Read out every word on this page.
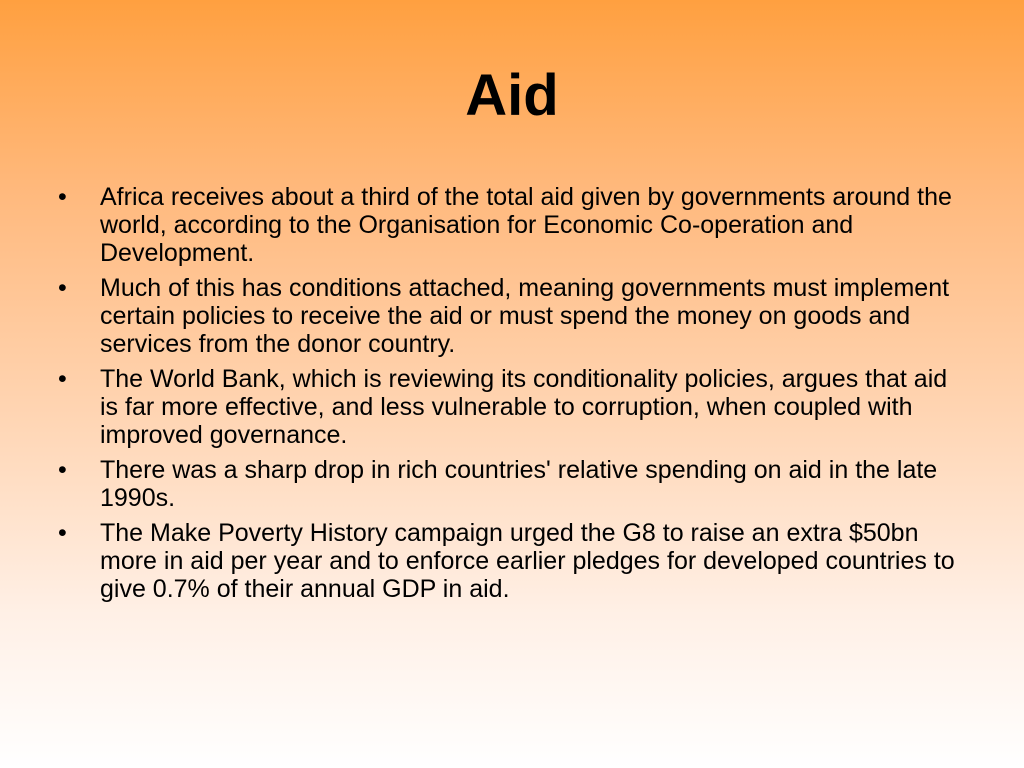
Aid
•	Africa receives about a third of the total aid given by governments around the world, according to the Organisation for Economic Co-operation and Development.
•	Much of this has conditions attached, meaning governments must implement certain policies to receive the aid or must spend the money on goods and services from the donor country.
•	The World Bank, which is reviewing its conditionality policies, argues that aid is far more effective, and less vulnerable to corruption, when coupled with improved governance.
•	There was a sharp drop in rich countries' relative spending on aid in the late 1990s.
•	The Make Poverty History campaign urged the G8 to raise an extra $50bn more in aid per year and to enforce earlier pledges for developed countries to give 0.7% of their annual GDP in aid.
